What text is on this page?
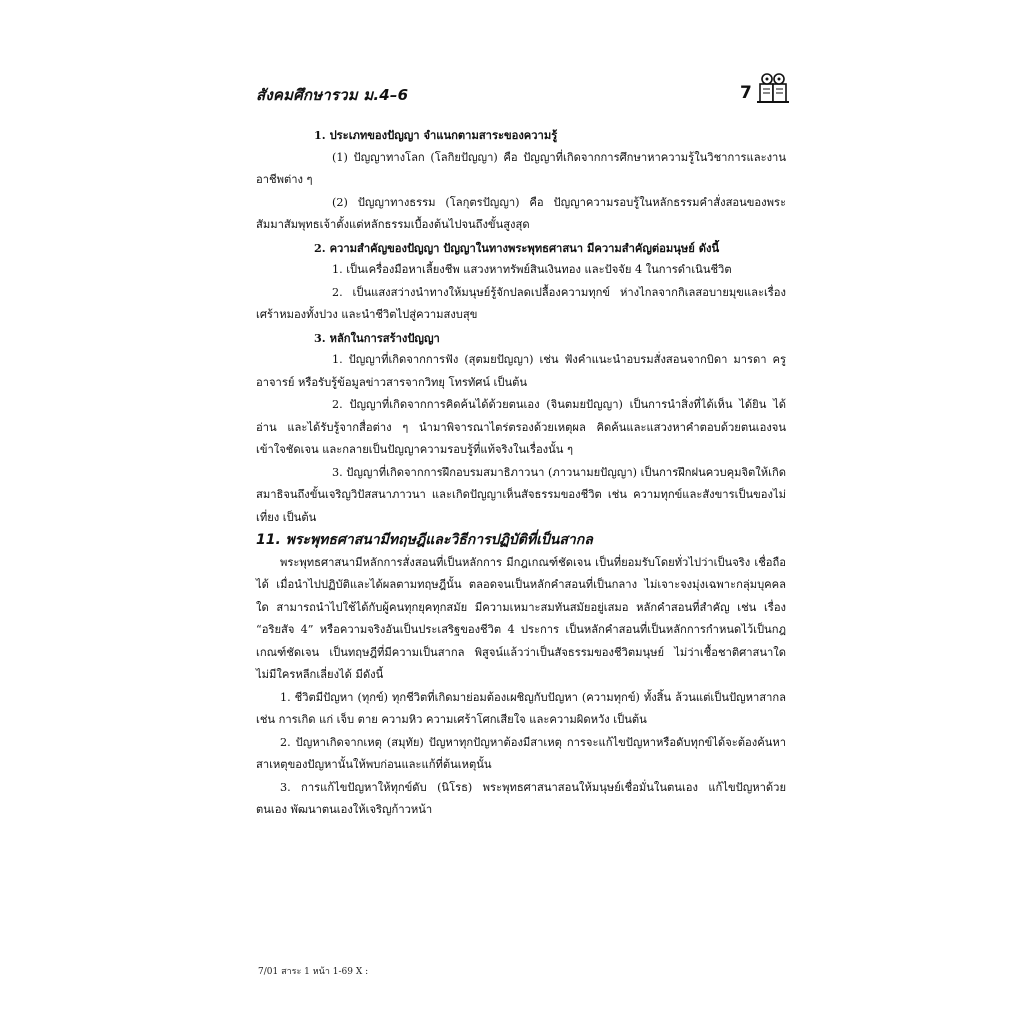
สังคมศึกษารวม ม.4–6	7

1. ประเภทของปัญญา จำแนกตามสาระของความรู้

(1) ปัญญาทางโลก (โลกิยปัญญา) คือ ปัญญาที่เกิดจากการศึกษาหาความรู้ในวิชาการและงานอาชีพต่าง ๆ

(2) ปัญญาทางธรรม (โลกุตรปัญญา) คือ ปัญญาความรอบรู้ในหลักธรรมคำสั่งสอนของพระสัมมาสัมพุทธเจ้าตั้งแต่หลักธรรมเบื้องต้นไปจนถึงขั้นสูงสุด

2. ความสำคัญของปัญญา ปัญญาในทางพระพุทธศาสนา มีความสำคัญต่อมนุษย์ ดังนี้

1. เป็นเครื่องมือหาเลี้ยงชีพ แสวงหาทรัพย์สินเงินทอง และปัจจัย 4 ในการดำเนินชีวิต

2. เป็นแสงสว่างนำทางให้มนุษย์รู้จักปลดเปลื้องความทุกข์ ห่างไกลจากกิเลสอบายมุขและเรื่องเศร้าหมองทั้งปวง และนำชีวิตไปสู่ความสงบสุข

3. หลักในการสร้างปัญญา

1. ปัญญาที่เกิดจากการฟัง (สุตมยปัญญา) เช่น ฟังคำแนะนำอบรมสั่งสอนจากบิดา มารดา ครู อาจารย์ หรือรับรู้ข้อมูลข่าวสารจากวิทยุ โทรทัศน์ เป็นต้น

2. ปัญญาที่เกิดจากการคิดค้นได้ด้วยตนเอง (จินตมยปัญญา) เป็นการนำสิ่งที่ได้เห็น ได้ยิน ได้อ่าน และได้รับรู้จากสื่อต่าง ๆ นำมาพิจารณาไตร่ตรองด้วยเหตุผล คิดค้นและแสวงหาคำตอบด้วยตนเองจนเข้าใจชัดเจน และกลายเป็นปัญญาความรอบรู้ที่แท้จริงในเรื่องนั้น ๆ

3. ปัญญาที่เกิดจากการฝึกอบรมสมาธิภาวนา (ภาวนามยปัญญา) เป็นการฝึกฝนควบคุมจิตให้เกิดสมาธิจนถึงขั้นเจริญวิปัสสนาภาวนา และเกิดปัญญาเห็นสัจธรรมของชีวิต เช่น ความทุกข์และสังขารเป็นของไม่เที่ยง เป็นต้น

11. พระพุทธศาสนามีทฤษฎีและวิธีการปฏิบัติที่เป็นสากล

พระพุทธศาสนามีหลักการสั่งสอนที่เป็นหลักการ มีกฎเกณฑ์ชัดเจน เป็นที่ยอมรับโดยทั่วไปว่าเป็นจริง เชื่อถือได้ เมื่อนำไปปฏิบัติและได้ผลตามทฤษฎีนั้น ตลอดจนเป็นหลักคำสอนที่เป็นกลาง ไม่เจาะจงมุ่งเฉพาะกลุ่มบุคคลใด สามารถนำไปใช้ได้กับผู้คนทุกยุคทุกสมัย มีความเหมาะสมทันสมัยอยู่เสมอ หลักคำสอนที่สำคัญ เช่น เรื่อง “อริยสัจ 4” หรือความจริงอันเป็นประเสริฐของชีวิต 4 ประการ เป็นหลักคำสอนที่เป็นหลักการกำหนดไว้เป็นกฎเกณฑ์ชัดเจน เป็นทฤษฎีที่มีความเป็นสากล พิสูจน์แล้วว่าเป็นสัจธรรมของชีวิตมนุษย์ ไม่ว่าเชื้อชาติศาสนาใด ไม่มีใครหลีกเลี่ยงได้ มีดังนี้

1. ชีวิตมีปัญหา (ทุกข์) ทุกชีวิตที่เกิดมาย่อมต้องเผชิญกับปัญหา (ความทุกข์) ทั้งสิ้น ล้วนแต่เป็นปัญหาสากล เช่น การเกิด แก่ เจ็บ ตาย ความหิว ความเศร้าโศกเสียใจ และความผิดหวัง เป็นต้น

2. ปัญหาเกิดจากเหตุ (สมุทัย) ปัญหาทุกปัญหาต้องมีสาเหตุ การจะแก้ไขปัญหาหรือดับทุกข์ได้จะต้องค้นหาสาเหตุของปัญหานั้นให้พบก่อนและแก้ที่ต้นเหตุนั้น

3. การแก้ไขปัญหาให้ทุกข์ดับ (นิโรธ) พระพุทธศาสนาสอนให้มนุษย์เชื่อมั่นในตนเอง แก้ไขปัญหาด้วยตนเอง พัฒนาตนเองให้เจริญก้าวหน้า

7/01 สาระ 1 หน้า 1-69 X :
